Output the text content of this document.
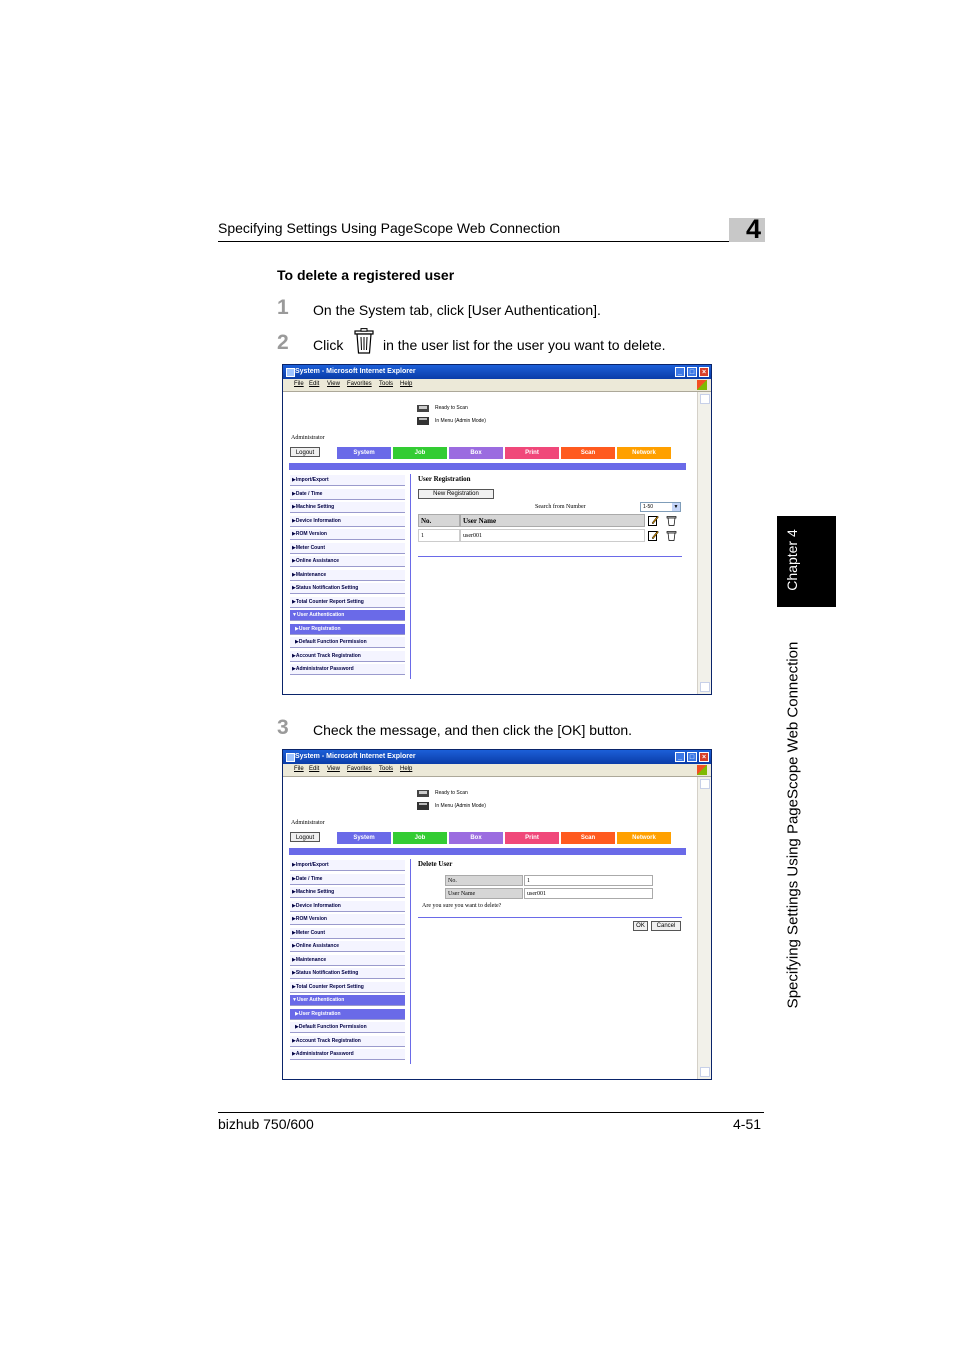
Specifying Settings Using PageScope Web Connection	4
Chapter 4
Specifying Settings Using PageScope Web Connection
To delete a registered user
1 On the System tab, click [User Authentication].
2 Click	in the user list for the user you want to delete.
3 Check the message, and then click the [OK] button.
System - Microsoft Internet Explorer	_	□	×
File Edit View Favorites Tools Help
Ready to Scan
In Menu (Admin Mode)
Administrator
Logout	System	Job	Box	Print	Scan	Network
▶Import/Export
▶Date / Time
▶Machine Setting
▶Device Information
▶ROM Version
▶Meter Count
▶Online Assistance
▶Maintenance
▶Status Notification Setting
▶Total Counter Report Setting
▼User Authentication
▶User Registration
▶Default Function Permission
▶Account Track Registration
▶Administrator Password
User Registration
New Registration
Search from Number	1-50	▼
No.	User Name
1	user001
System - Microsoft Internet Explorer	_	□	×
File Edit View Favorites Tools Help
Ready to Scan
In Menu (Admin Mode)
Administrator
Logout	System	Job	Box	Print	Scan	Network
▶Import/Export
▶Date / Time
▶Machine Setting
▶Device Information
▶ROM Version
▶Meter Count
▶Online Assistance
▶Maintenance
▶Status Notification Setting
▶Total Counter Report Setting
▼User Authentication
▶User Registration
▶Default Function Permission
▶Account Track Registration
▶Administrator Password
Delete User
No.	1
User Name	user001
Are you sure you want to delete?
OK	Cancel
bizhub 750/600	4-51
